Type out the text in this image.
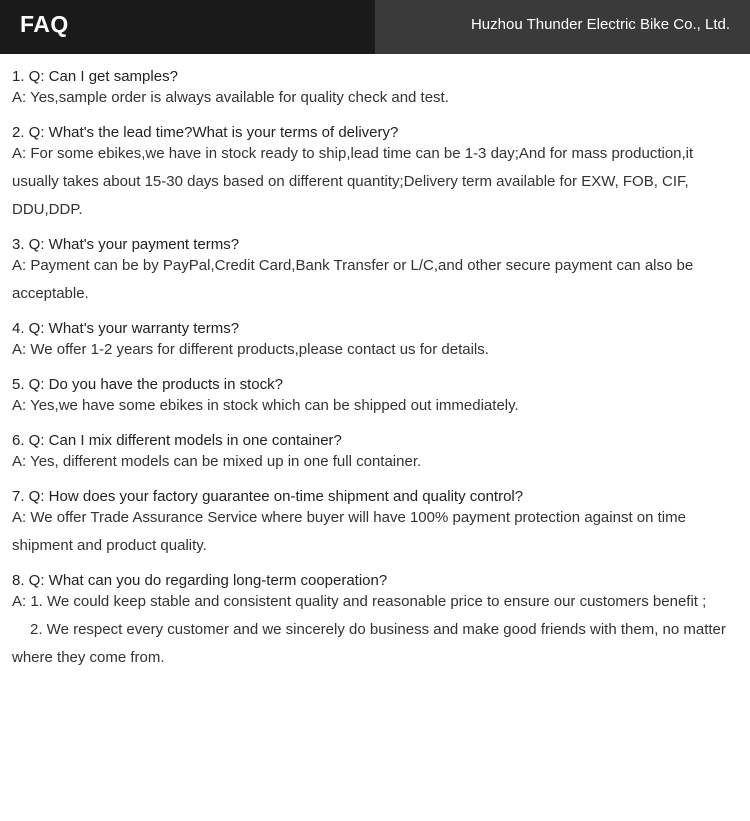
FAQ	Huzhou Thunder Electric Bike Co., Ltd.

1. Q: Can I get samples?

A: Yes,sample order is always available for quality check and test.

2. Q: What's the lead time?What is your terms of delivery?

A: For some ebikes,we have in stock ready to ship,lead time can be 1-3 day;And for mass production,it usually takes about 15-30 days based on different quantity;Delivery term available for EXW, FOB, CIF, DDU,DDP.

3. Q: What's your payment terms?

A: Payment can be by PayPal,Credit Card,Bank Transfer or L/C,and other secure payment can also be acceptable.

4. Q: What's your warranty terms?

A: We offer 1-2 years for different products,please contact us for details.

5. Q: Do you have the products in stock?

A: Yes,we have some ebikes in stock which can be shipped out immediately.

6. Q: Can I mix different models in one container?

A: Yes, different models can be mixed up in one full container.

7. Q: How does your factory guarantee on-time shipment and quality control?

A: We offer Trade Assurance Service where buyer will have 100% payment protection against on time shipment and product quality.

8. Q: What can you do regarding long-term cooperation?

A: 1. We could keep stable and consistent quality and reasonable price to ensure our customers benefit ;

2. We respect every customer and we sincerely do business and make good friends with them, no matter where they come from.
